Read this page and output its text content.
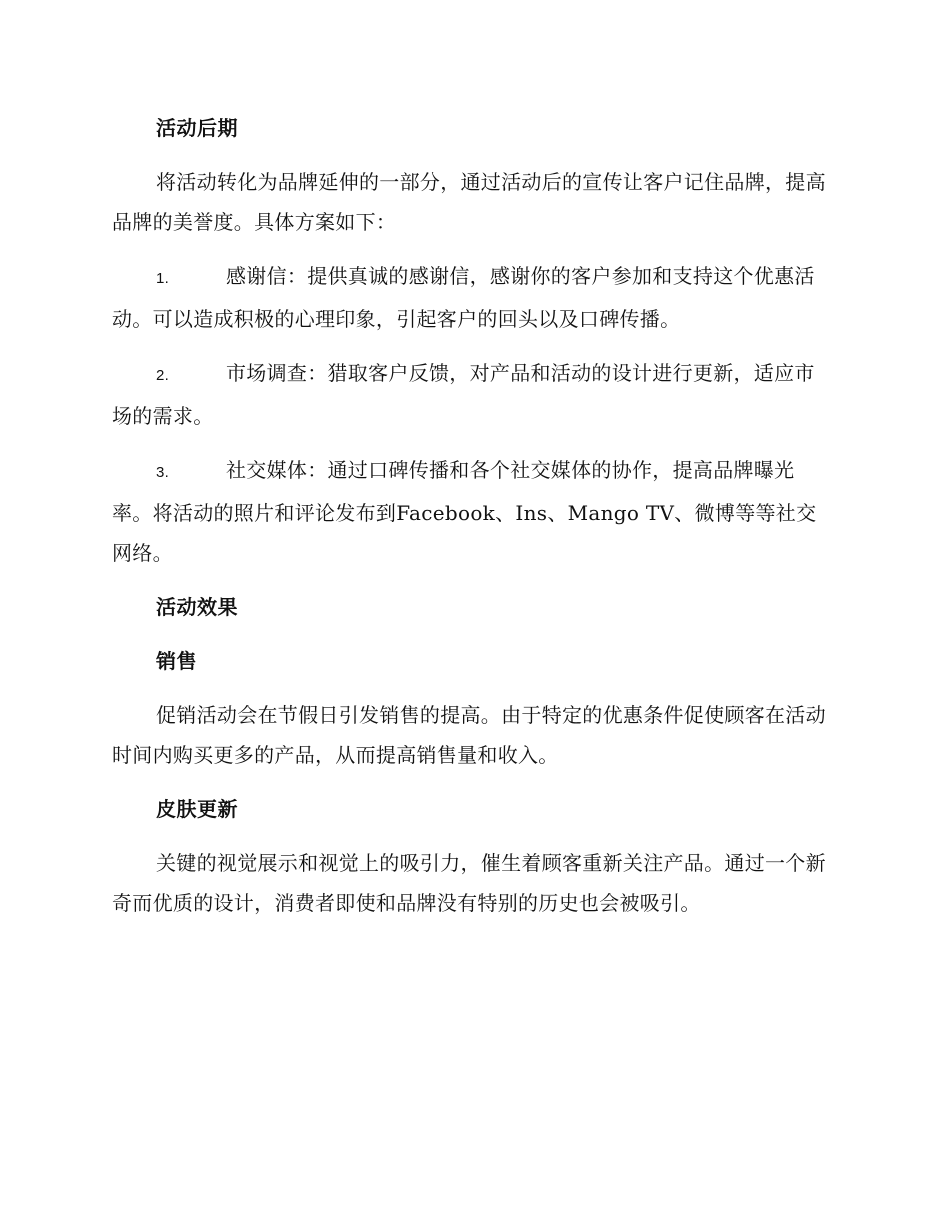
活动后期

将活动转化为品牌延伸的一部分，通过活动后的宣传让客户记住品牌，提高品牌的美誉度。具体方案如下：

1.	感谢信：提供真诚的感谢信，感谢你的客户参加和支持这个优惠活动。可以造成积极的心理印象，引起客户的回头以及口碑传播。

2.	市场调查：猎取客户反馈，对产品和活动的设计进行更新，适应市场的需求。

3.	社交媒体：通过口碑传播和各个社交媒体的协作，提高品牌曝光率。将活动的照片和评论发布到Facebook、Ins、Mango TV、微博等等社交网络。

活动效果
销售

促销活动会在节假日引发销售的提高。由于特定的优惠条件促使顾客在活动时间内购买更多的产品，从而提高销售量和收入。

皮肤更新

关键的视觉展示和视觉上的吸引力，催生着顾客重新关注产品。通过一个新奇而优质的设计，消费者即使和品牌没有特别的历史也会被吸引。
